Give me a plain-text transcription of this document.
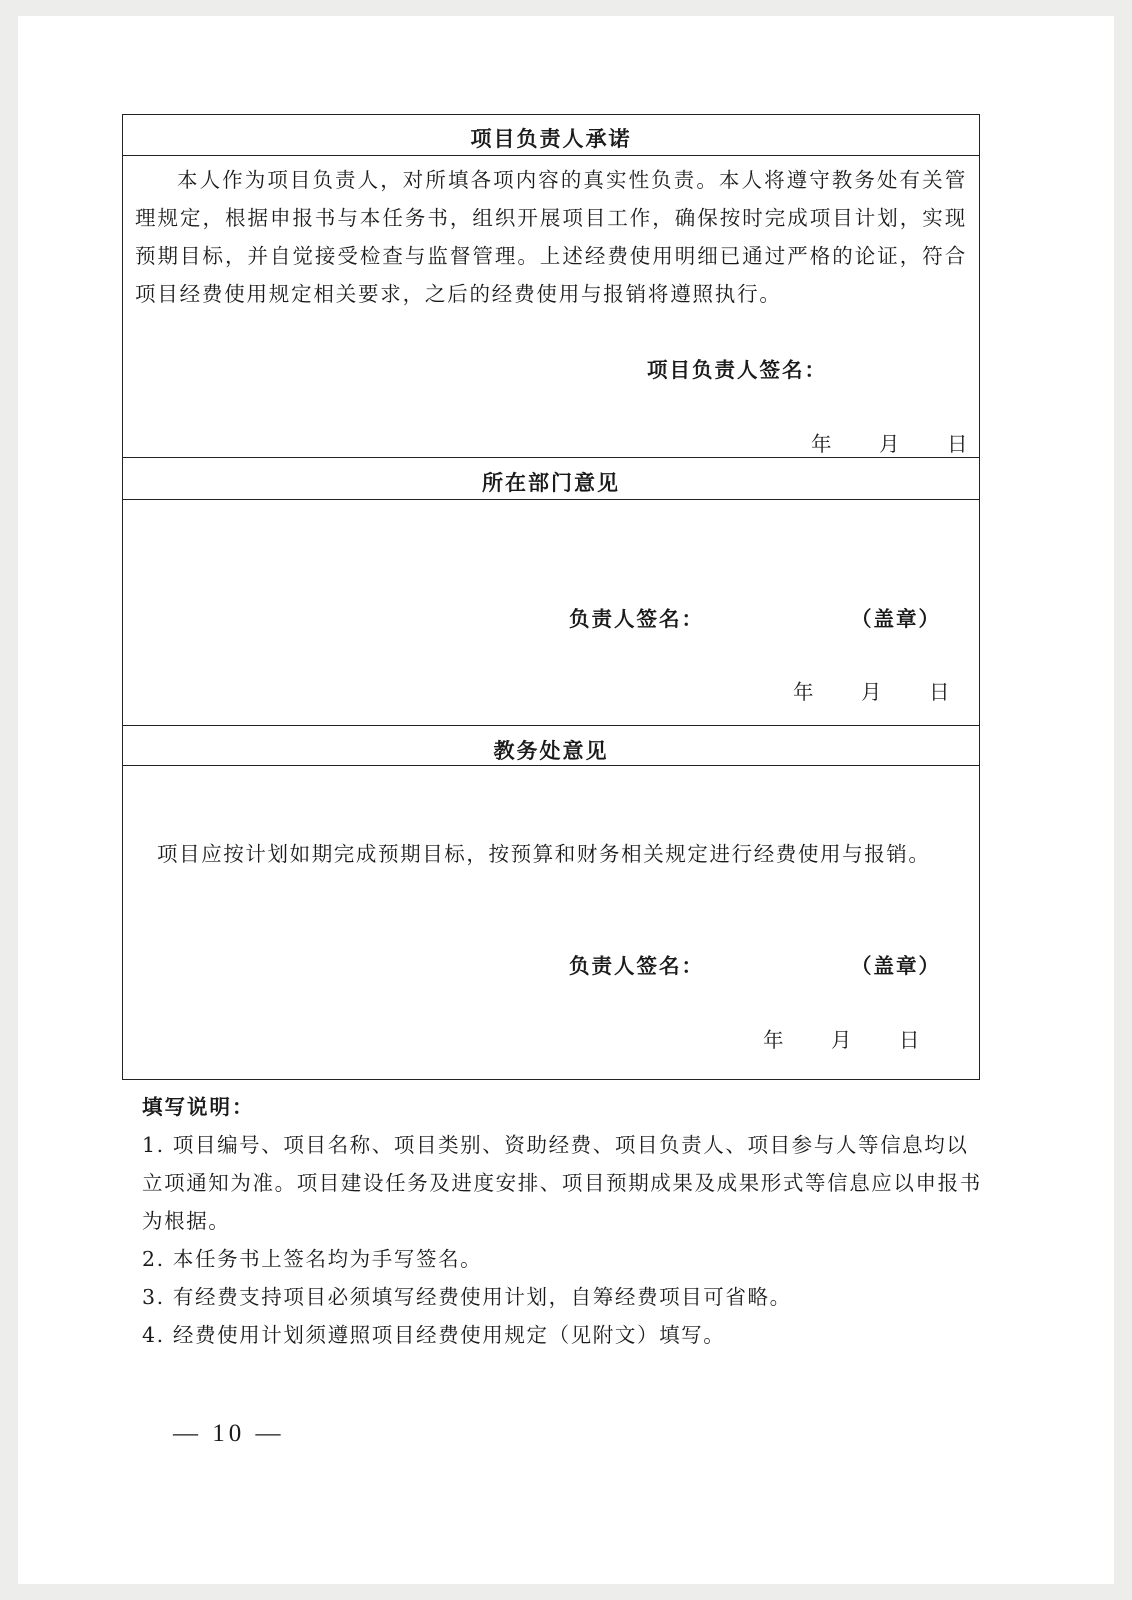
项目负责人承诺
本人作为项目负责人，对所填各项内容的真实性负责。本人将遵守教务处有关管理规定，根据申报书与本任务书，组织开展项目工作，确保按时完成项目计划，实现预期目标，并自觉接受检查与监督管理。上述经费使用明细已通过严格的论证，符合项目经费使用规定相关要求，之后的经费使用与报销将遵照执行。
项目负责人签名：
年 月 日
所在部门意见
负责人签名：	（盖章）
年 月 日
教务处意见
项目应按计划如期完成预期目标，按预算和财务相关规定进行经费使用与报销。
负责人签名：	（盖章）
年 月 日
填写说明：
1. 项目编号、项目名称、项目类别、资助经费、项目负责人、项目参与人等信息均以立项通知为准。项目建设任务及进度安排、项目预期成果及成果形式等信息应以申报书为根据。
2. 本任务书上签名均为手写签名。
3. 有经费支持项目必须填写经费使用计划，自筹经费项目可省略。
4. 经费使用计划须遵照项目经费使用规定（见附文）填写。
— 10 —
